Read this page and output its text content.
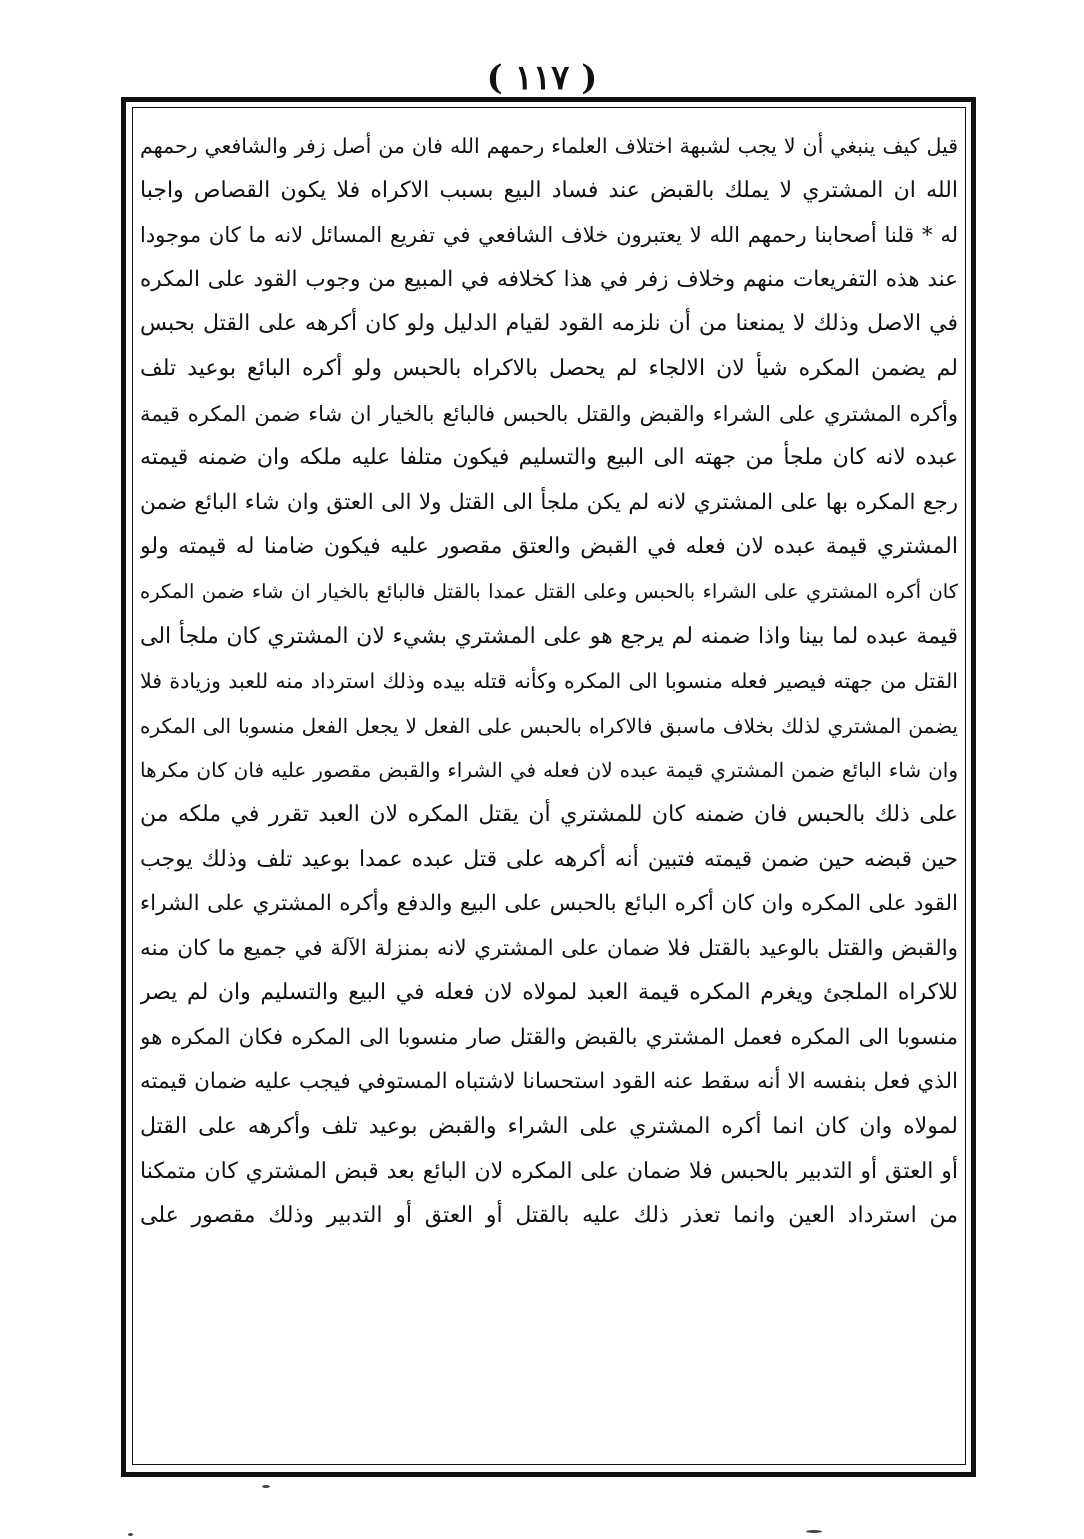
( ١١٧ )
قيل كيف ينبغي أن لا يجب لشبهة اختلاف العلماء رحمهم الله فان من أصل زفر والشافعي رحمهم
الله ان المشتري لا يملك بالقبض عند فساد البيع بسبب الاكراه فلا يكون القصاص واجبا
له * قلنا أصحابنا رحمهم الله لا يعتبرون خلاف الشافعي في تفريع المسائل لانه ما كان موجودا
عند هذه التفريعات منهم وخلاف زفر في هذا كخلافه في المبيع من وجوب القود على المكره
في الاصل وذلك لا يمنعنا من أن نلزمه القود لقيام الدليل ولو كان أكرهه على القتل بحبس
لم يضمن المكره شيأ لان الالجاء لم يحصل بالاكراه بالحبس ولو أكره البائع بوعيد تلف
وأكره المشتري على الشراء والقبض والقتل بالحبس فالبائع بالخيار ان شاء ضمن المكره قيمة
عبده لانه كان ملجأ من جهته الى البيع والتسليم فيكون متلفا عليه ملكه وان ضمنه قيمته
رجع المكره بها على المشتري لانه لم يكن ملجأ الى القتل ولا الى العتق وان شاء البائع ضمن
المشتري قيمة عبده لان فعله في القبض والعتق مقصور عليه فيكون ضامنا له قيمته ولو
كان أكره المشتري على الشراء بالحبس وعلى القتل عمدا بالقتل فالبائع بالخيار ان شاء ضمن المكره
قيمة عبده لما بينا واذا ضمنه لم يرجع هو على المشتري بشيء لان المشتري كان ملجأ الى
القتل من جهته فيصير فعله منسوبا الى المكره وكأنه قتله بيده وذلك استرداد منه للعبد وزيادة فلا
يضمن المشتري لذلك بخلاف ماسبق فالاكراه بالحبس على الفعل لا يجعل الفعل منسوبا الى المكره
وان شاء البائع ضمن المشتري قيمة عبده لان فعله في الشراء والقبض مقصور عليه فان كان مكرها
على ذلك بالحبس فان ضمنه كان للمشتري أن يقتل المكره لان العبد تقرر في ملكه من
حين قبضه حين ضمن قيمته فتبين أنه أكرهه على قتل عبده عمدا بوعيد تلف وذلك يوجب
القود على المكره وان كان أكره البائع بالحبس على البيع والدفع وأكره المشتري على الشراء
والقبض والقتل بالوعيد بالقتل فلا ضمان على المشتري لانه بمنزلة الآلة في جميع ما كان منه
للاكراه الملجئ ويغرم المكره قيمة العبد لمولاه لان فعله في البيع والتسليم وان لم يصر
منسوبا الى المكره فعمل المشتري بالقبض والقتل صار منسوبا الى المكره فكان المكره هو
الذي فعل بنفسه الا أنه سقط عنه القود استحسانا لاشتباه المستوفي فيجب عليه ضمان قيمته
لمولاه وان كان انما أكره المشتري على الشراء والقبض بوعيد تلف وأكرهه على القتل
أو العتق أو التدبير بالحبس فلا ضمان على المكره لان البائع بعد قبض المشتري كان متمكنا
من استرداد العين وانما تعذر ذلك عليه بالقتل أو العتق أو التدبير وذلك مقصور على
